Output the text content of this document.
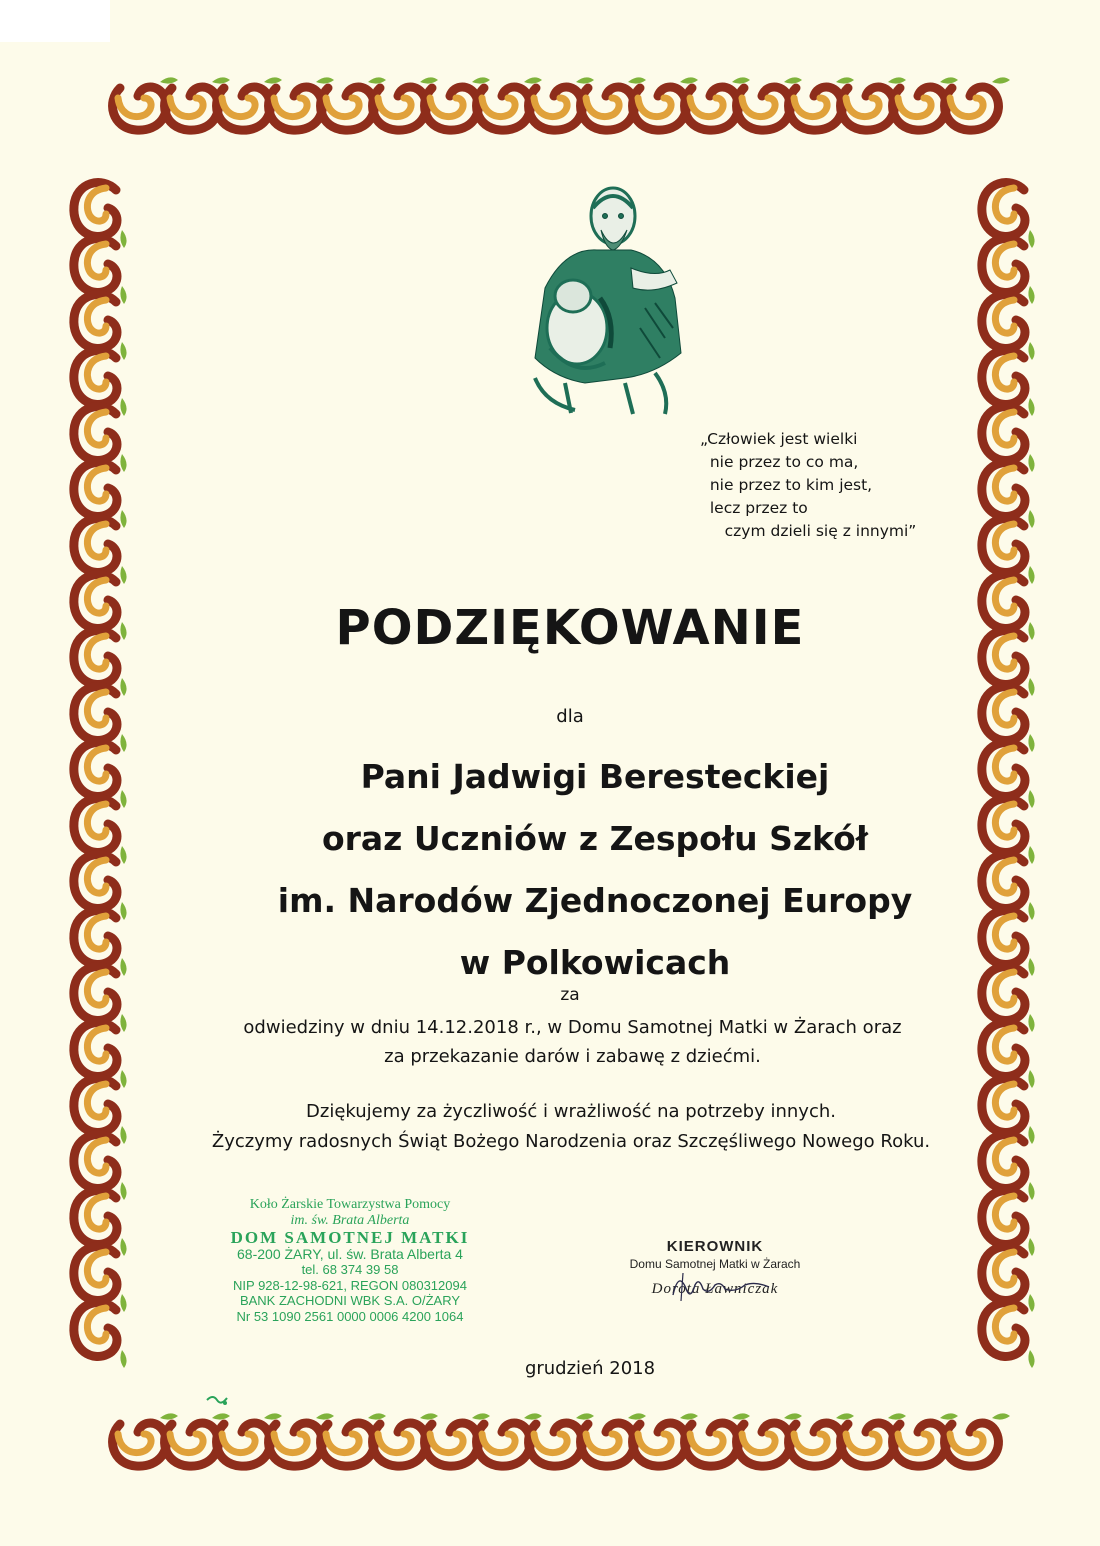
„Człowiek jest wielki
nie przez to co ma,
nie przez to kim jest,
lecz przez to
czym dzieli się z innymi”
PODZIĘKOWANIE
dla
Pani Jadwigi Beresteckiej
oraz Uczniów z Zespołu Szkół
im. Narodów Zjednoczonej Europy
w Polkowicach
za
odwiedziny w dniu 14.12.2018 r., w Domu Samotnej Matki w Żarach oraz
za przekazanie darów i zabawę z dziećmi.
Dziękujemy za życzliwość i wrażliwość na potrzeby innych.
Życzymy radosnych Świąt Bożego Narodzenia oraz Szczęśliwego Nowego Roku.
Koło Żarskie Towarzystwa Pomocy
im. św. Brata Alberta
DOM SAMOTNEJ MATKI
68-200 ŻARY, ul. św. Brata Alberta 4
tel. 68 374 39 58
NIP 928-12-98-621, REGON 080312094
BANK ZACHODNI WBK S.A. O/ŻARY
Nr 53 1090 2561 0000 0006 4200 1064
KIEROWNIK
Domu Samotnej Matki w Żarach
Dorota Ławniczak
grudzień 2018
